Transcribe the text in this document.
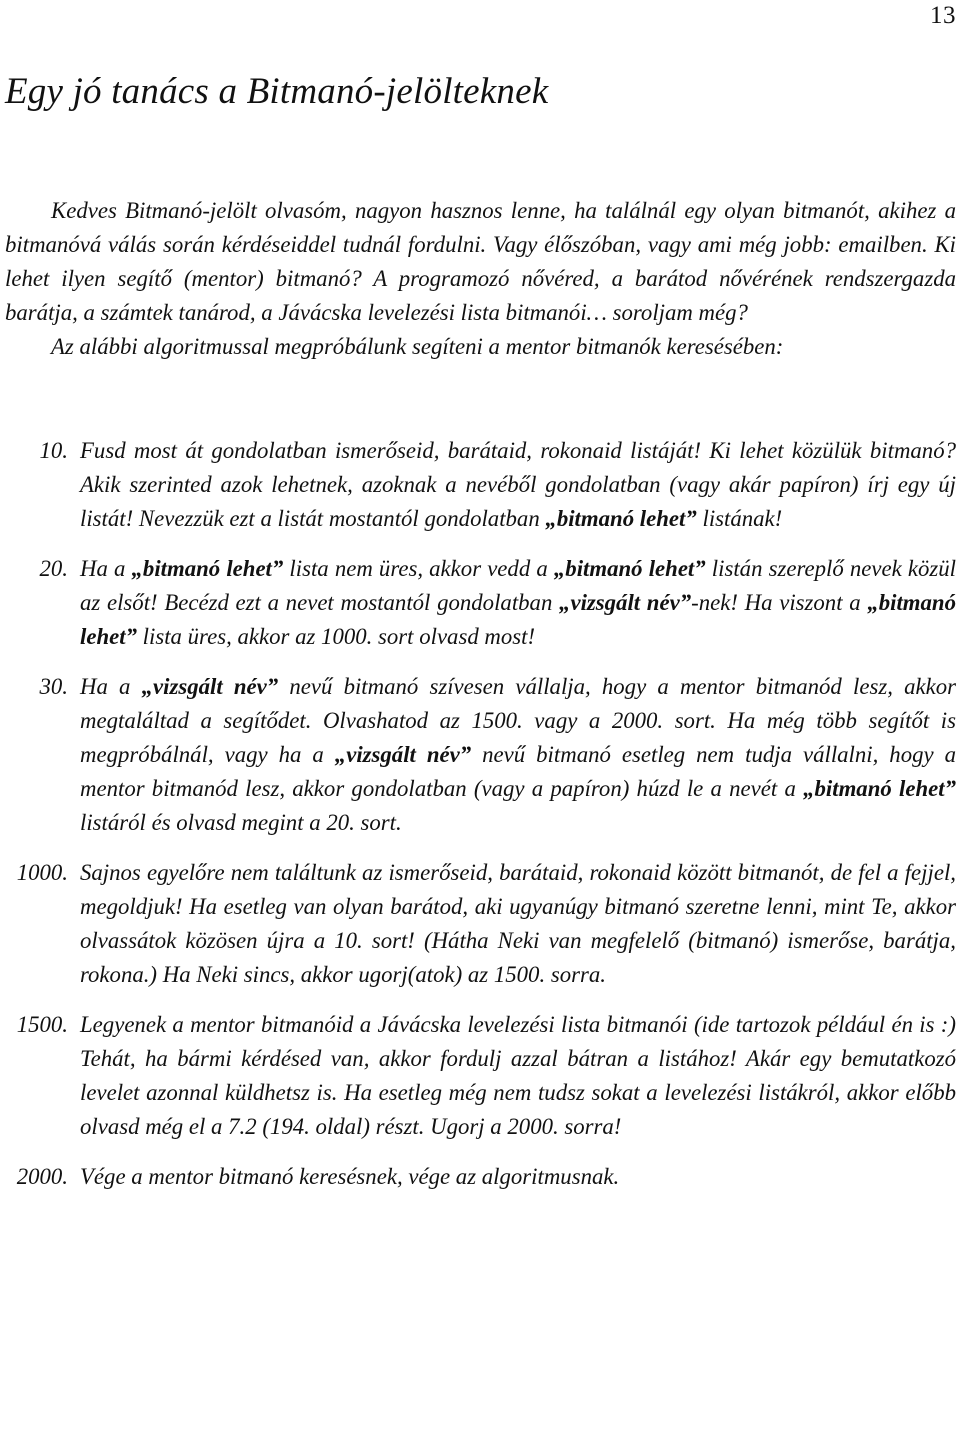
13
Egy jó tanács a Bitmanó-jelölteknek

Kedves Bitmanó-jelölt olvasóm, nagyon hasznos lenne, ha találnál egy olyan bitmanót, akihez a bitmanóvá válás során kérdéseiddel tudnál fordulni. Vagy élőszóban, vagy ami még jobb: emailben. Ki lehet ilyen segítő (mentor) bitmanó? A programozó nővéred, a barátod nővérének rendszergazda barátja, a számtek tanárod, a Jávácska levelezési lista bitmanói… soroljam még?

Az alábbi algoritmussal megpróbálunk segíteni a mentor bitmanók keresésében:

10. Fusd most át gondolatban ismerőseid, barátaid, rokonaid listáját! Ki lehet közülük bitmanó? Akik szerinted azok lehetnek, azoknak a nevéből gondolatban (vagy akár papíron) írj egy új listát! Nevezzük ezt a listát mostantól gondolatban „bitmanó lehet” listának!
20. Ha a „bitmanó lehet” lista nem üres, akkor vedd a „bitmanó lehet” listán szereplő nevek közül az elsőt! Becézd ezt a nevet mostantól gondolatban „vizsgált név”-nek! Ha viszont a „bitmanó lehet” lista üres, akkor az 1000. sort olvasd most!
30. Ha a „vizsgált név” nevű bitmanó szívesen vállalja, hogy a mentor bitmanód lesz, akkor megtaláltad a segítődet. Olvashatod az 1500. vagy a 2000. sort. Ha még több segítőt is megpróbálnál, vagy ha a „vizsgált név” nevű bitmanó esetleg nem tudja vállalni, hogy a mentor bitmanód lesz, akkor gondolatban (vagy a papíron) húzd le a nevét a „bitmanó lehet” listáról és olvasd megint a 20. sort.
1000. Sajnos egyelőre nem találtunk az ismerőseid, barátaid, rokonaid között bitmanót, de fel a fejjel, megoldjuk! Ha esetleg van olyan barátod, aki ugyanúgy bitmanó szeretne lenni, mint Te, akkor olvassátok közösen újra a 10. sort! (Hátha Neki van megfelelő (bitmanó) ismerőse, barátja, rokona.) Ha Neki sincs, akkor ugorj(atok) az 1500. sorra.
1500. Legyenek a mentor bitmanóid a Jávácska levelezési lista bitmanói (ide tartozok például én is :) Tehát, ha bármi kérdésed van, akkor fordulj azzal bátran a listához! Akár egy bemutatkozó levelet azonnal küldhetsz is. Ha esetleg még nem tudsz sokat a levelezési listákról, akkor előbb olvasd még el a 7.2 (194. oldal) részt. Ugorj a 2000. sorra!
2000. Vége a mentor bitmanó keresésnek, vége az algoritmusnak.
